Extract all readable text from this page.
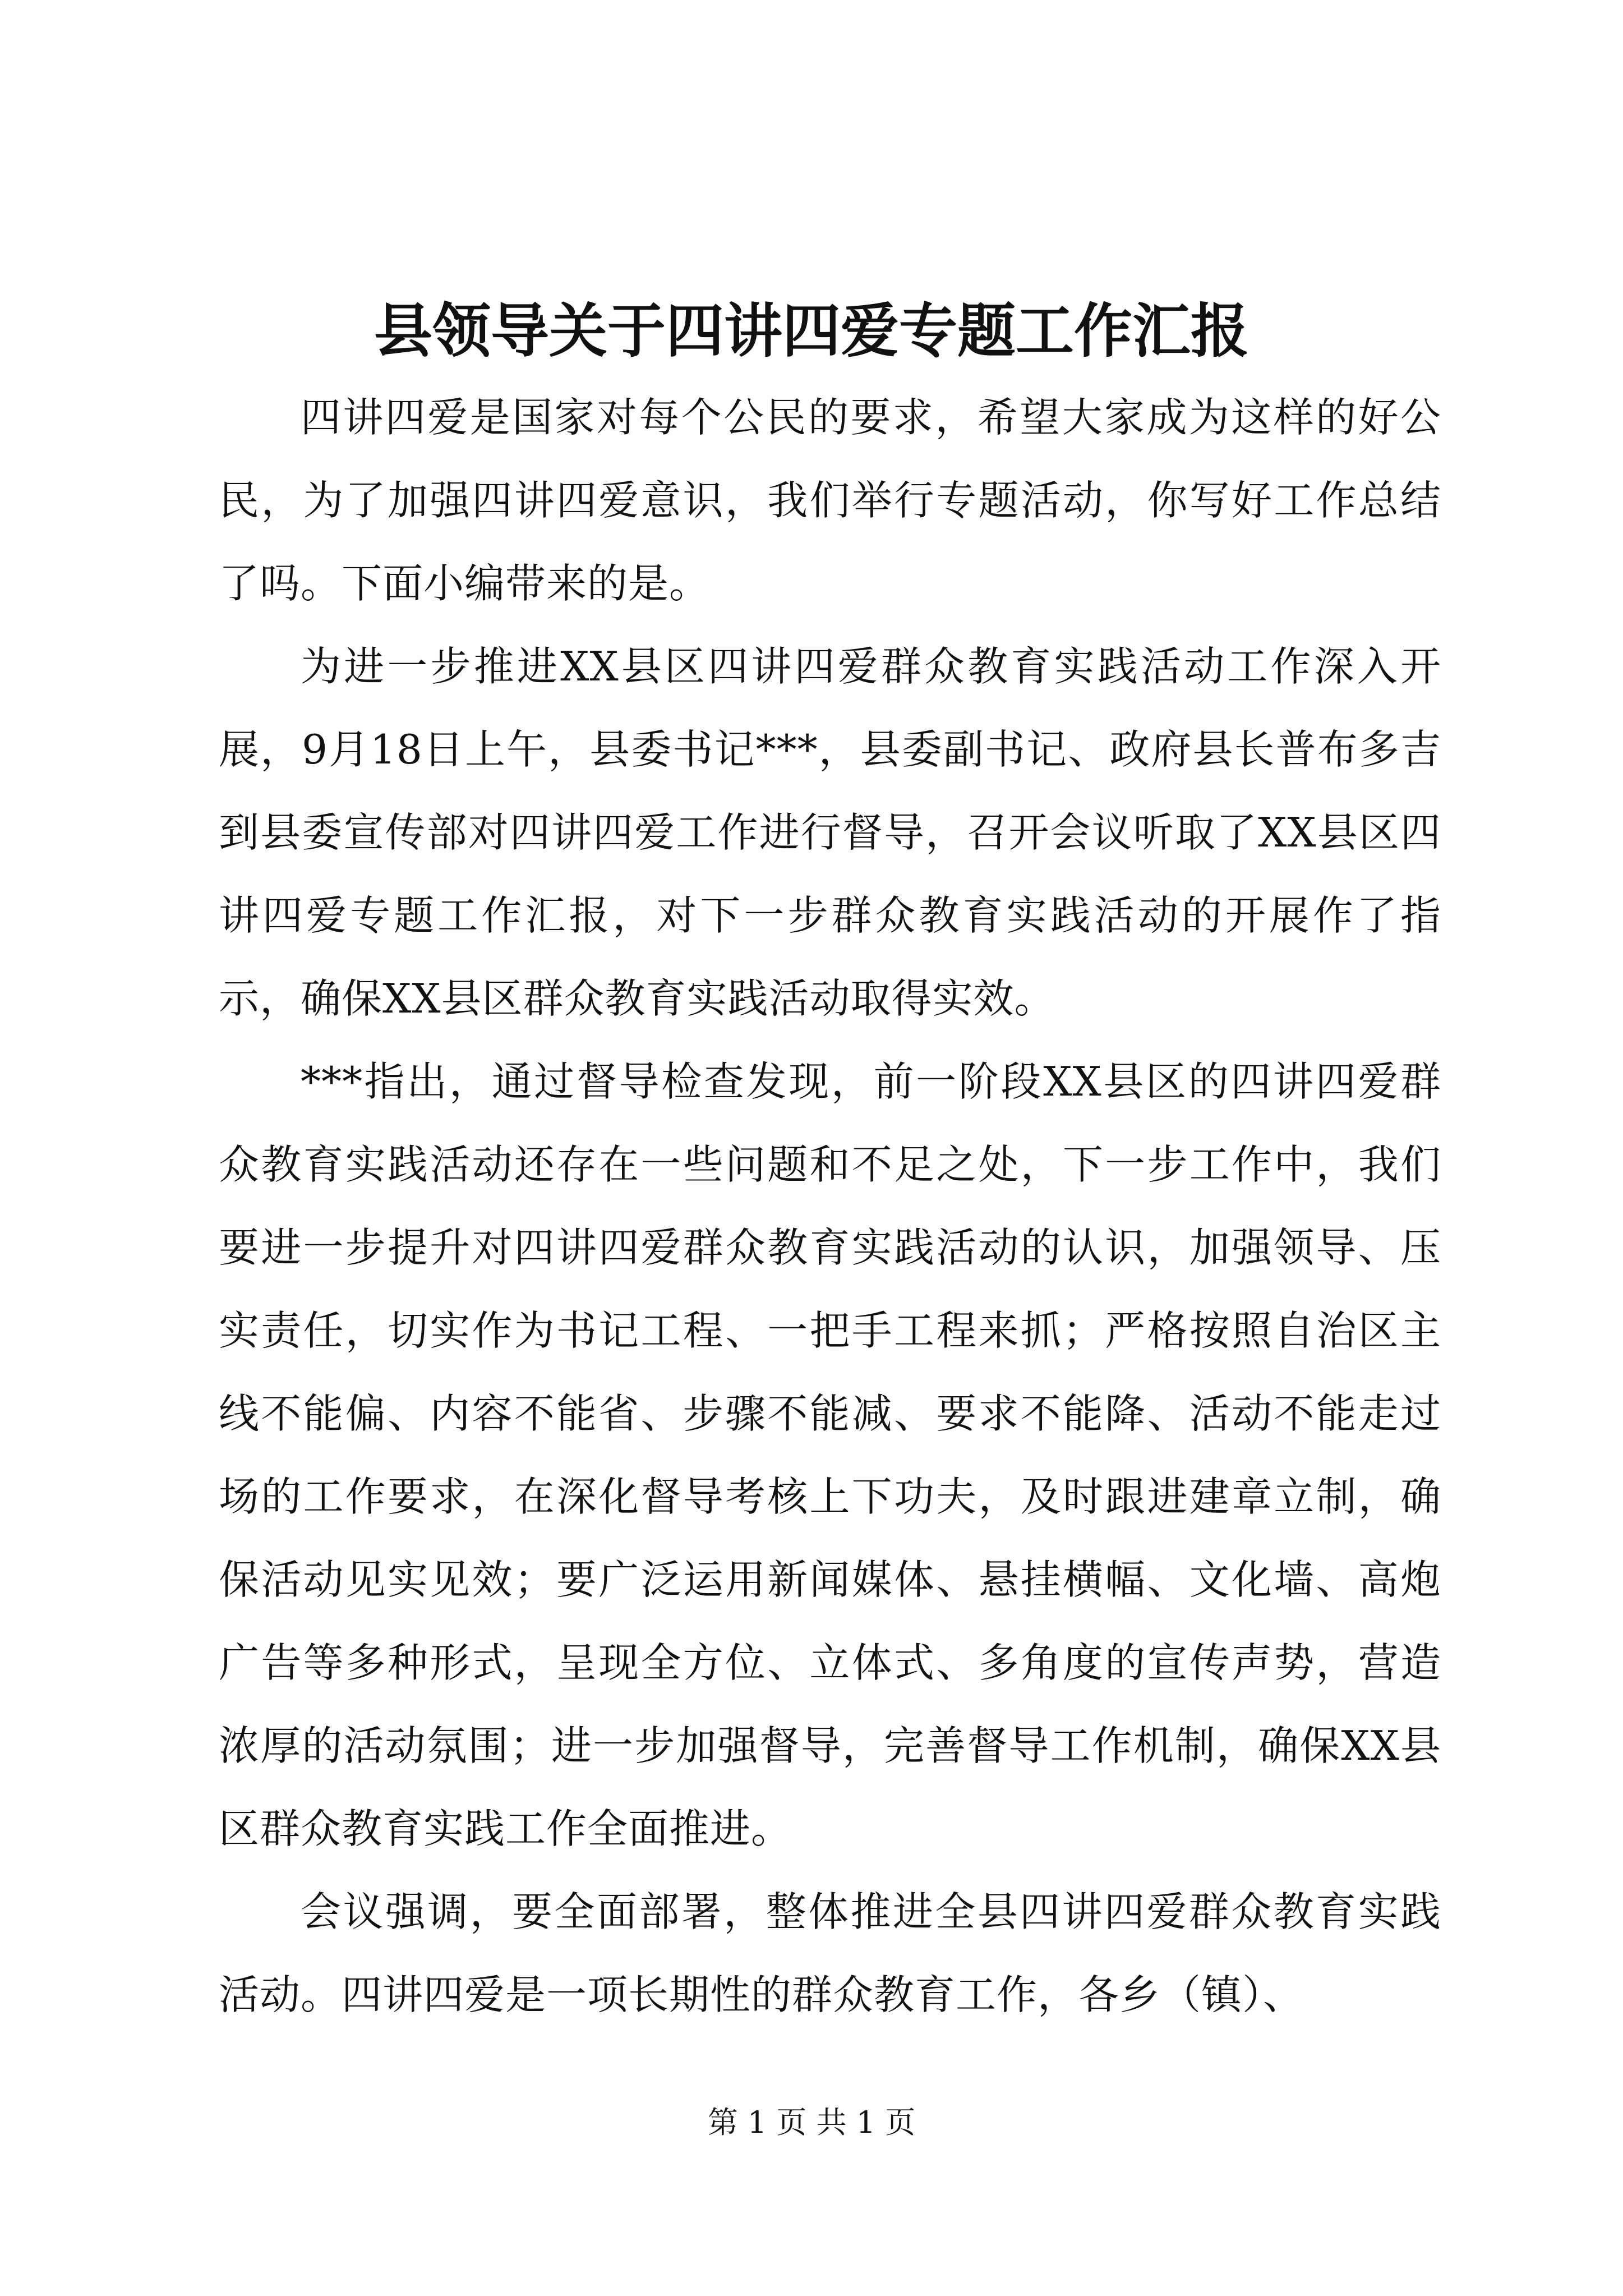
县领导关于四讲四爱专题工作汇报

四讲四爱是国家对每个公民的要求，希望大家成为这样的好公民，为了加强四讲四爱意识，我们举行专题活动，你写好工作总结了吗。下面小编带来的是。

为进一步推进XX县区四讲四爱群众教育实践活动工作深入开展，9月18日上午，县委书记***，县委副书记、政府县长普布多吉到县委宣传部对四讲四爱工作进行督导，召开会议听取了XX县区四讲四爱专题工作汇报，对下一步群众教育实践活动的开展作了指示，确保XX县区群众教育实践活动取得实效。

***指出，通过督导检查发现，前一阶段XX县区的四讲四爱群众教育实践活动还存在一些问题和不足之处，下一步工作中，我们要进一步提升对四讲四爱群众教育实践活动的认识，加强领导、压实责任，切实作为书记工程、一把手工程来抓；严格按照自治区主线不能偏、内容不能省、步骤不能减、要求不能降、活动不能走过场的工作要求，在深化督导考核上下功夫，及时跟进建章立制，确保活动见实见效；要广泛运用新闻媒体、悬挂横幅、文化墙、高炮广告等多种形式，呈现全方位、立体式、多角度的宣传声势，营造浓厚的活动氛围；进一步加强督导，完善督导工作机制，确保XX县区群众教育实践工作全面推进。

会议强调，要全面部署，整体推进全县四讲四爱群众教育实践活动。四讲四爱是一项长期性的群众教育工作，各乡（镇）、

第 1 页 共 1 页
